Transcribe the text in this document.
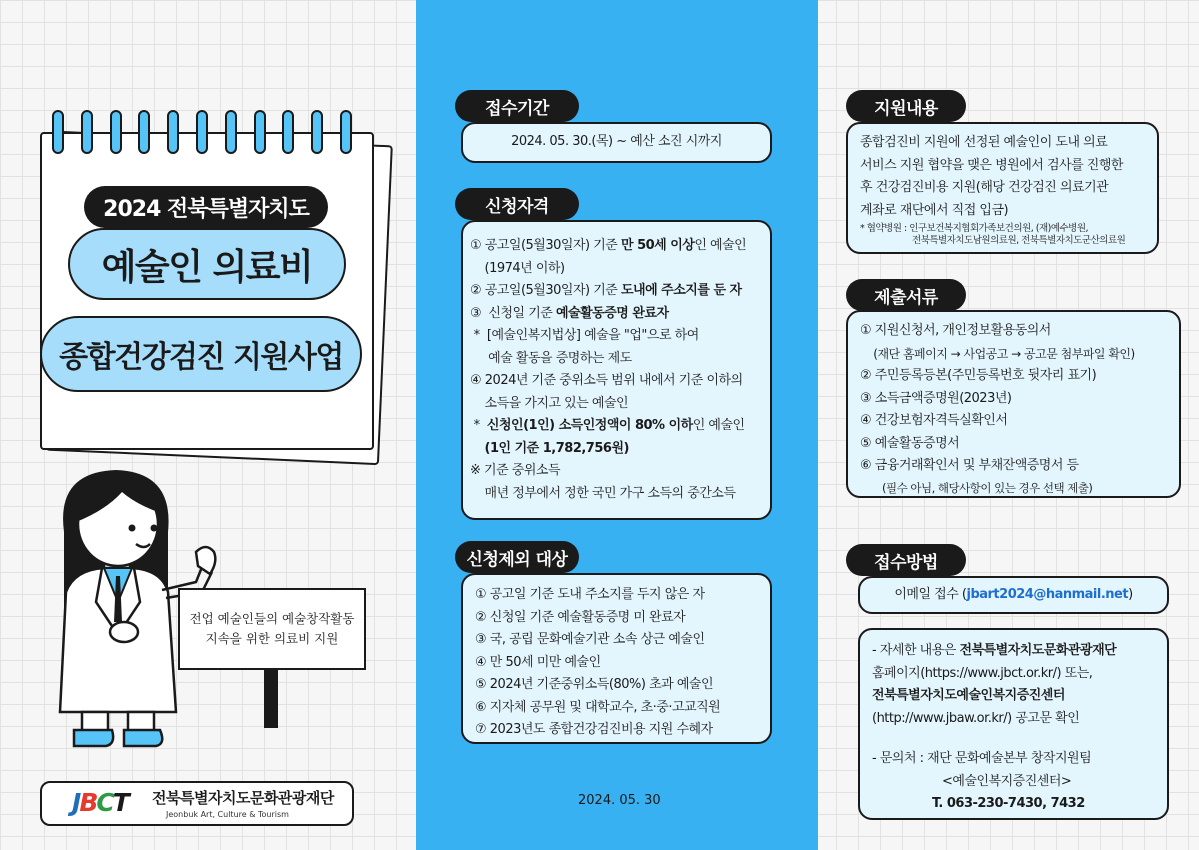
2024 전북특별자치도
예술인 의료비
종합건강검진 지원사업
전업 예술인들의 예술창작활동
지속을 위한 의료비 지원
JBCT 전북특별자치도문화관광재단
Jeonbuk Art, Culture & Tourism
접수기간
2024. 05. 30.(목) ~ 예산 소진 시까지
신청자격
① 공고일(5월30일자) 기준 만 50세 이상인 예술인
(1974년 이하)
② 공고일(5월30일자) 기준 도내에 주소지를 둔 자
③  신청일 기준 예술활동증명 완료자
*  [예술인복지법상] 예술을 "업"으로 하여
예술 활동을 증명하는 제도
④ 2024년 기준 중위소득 범위 내에서 기준 이하의
소득을 가지고 있는 예술인
*  신청인(1인) 소득인정액이 80% 이하인 예술인
(1인 기준 1,782,756원)
※ 기준 중위소득
매년 정부에서 정한 국민 가구 소득의 중간소득
신청제외 대상
① 공고일 기준 도내 주소지를 두지 않은 자
② 신청일 기준 예술활동증명 미 완료자
③ 국, 공립 문화예술기관 소속 상근 예술인
④ 만 50세 미만 예술인
⑤ 2024년 기준중위소득(80%) 초과 예술인
⑥ 지자체 공무원 및 대학교수, 초·중·고교직원
⑦ 2023년도 종합건강검진비용 지원 수혜자
2024. 05. 30
지원내용
종합검진비 지원에 선정된 예술인이 도내 의료
서비스 지원 협약을 맺은 병원에서 검사를 진행한
후 건강검진비용 지원(해당 건강검진 의료기관
계좌로 재단에서 직접 입금)
* 협약병원 : 인구보건복지협회가족보건의원, (재)예수병원,
전북특별자치도남원의료원, 전북특별자치도군산의료원
제출서류
① 지원신청서, 개인정보활용동의서
(재단 홈페이지 → 사업공고 → 공고문 첨부파일 확인)
② 주민등록등본(주민등록번호 뒷자리 표기)
③ 소득금액증명원(2023년)
④ 건강보험자격득실확인서
⑤ 예술활동증명서
⑥ 금융거래확인서 및 부채잔액증명서 등
(필수 아님, 해당사항이 있는 경우 선택 제출)
접수방법
이메일 접수 ( jbart2024@hanmail.net )
- 자세한 내용은 전북특별자치도문화관광재단
홈페이지(https://www.jbct.or.kr/) 또는,
전북특별자치도예술인복지증진센터
(http://www.jbaw.or.kr/) 공고문 확인
- 문의처 : 재단 문화예술본부 창작지원팀
<예술인복지증진센터>
T. 063-230-7430, 7432
